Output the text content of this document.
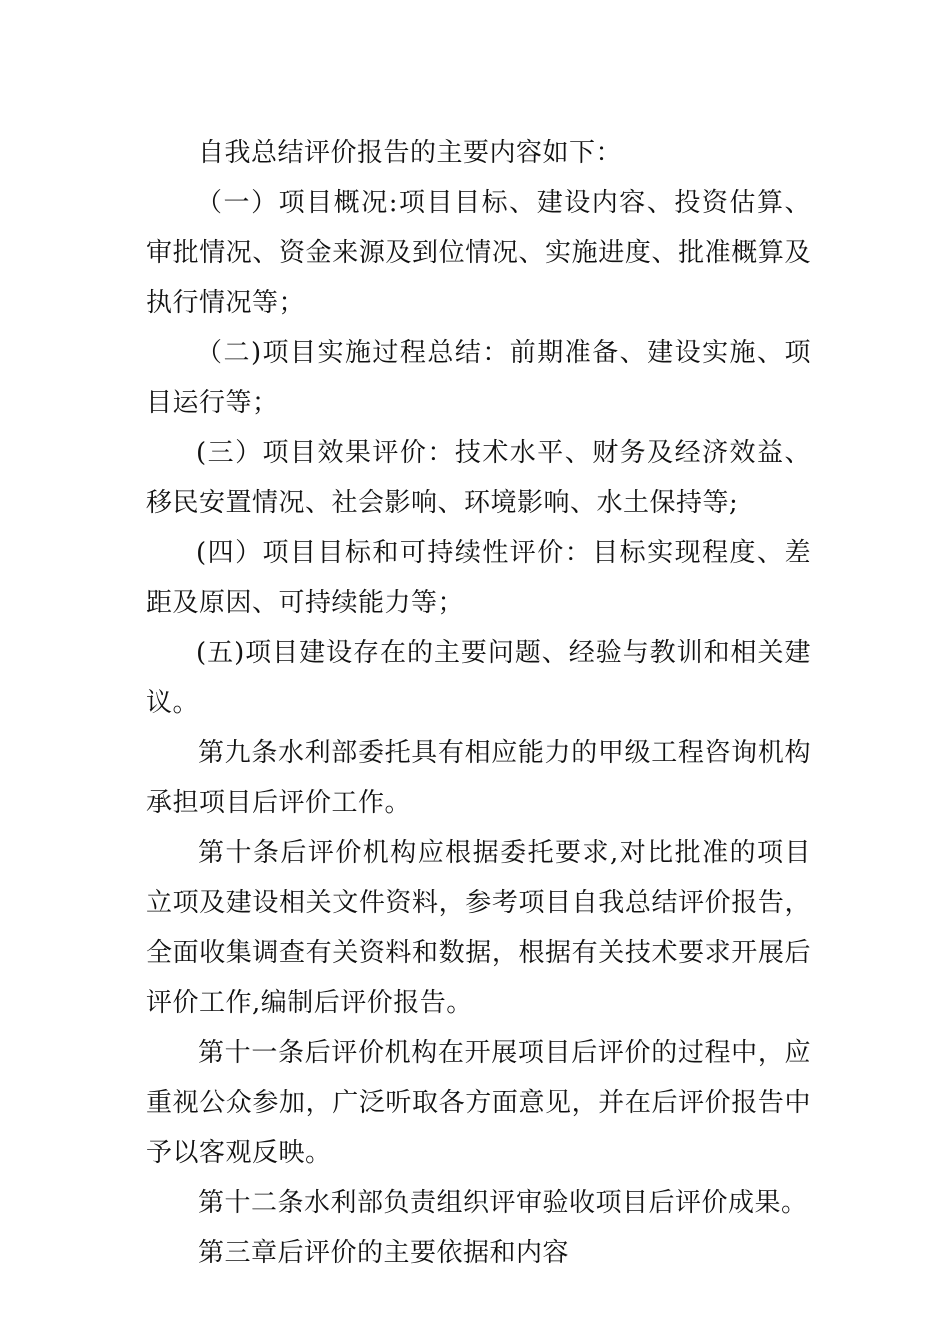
自我总结评价报告的主要内容如下：

（一）项目概况:项目目标、建设内容、投资估算、审批情况、资金来源及到位情况、实施进度、批准概算及执行情况等；

（二)项目实施过程总结：前期准备、建设实施、项目运行等；

(三）项目效果评价：技术水平、财务及经济效益、移民安置情况、社会影响、环境影响、水土保持等;

(四）项目目标和可持续性评价：目标实现程度、差距及原因、可持续能力等；

(五)项目建设存在的主要问题、经验与教训和相关建议。

第九条水利部委托具有相应能力的甲级工程咨询机构承担项目后评价工作。

第十条后评价机构应根据委托要求,对比批准的项目立项及建设相关文件资料，参考项目自我总结评价报告，全面收集调查有关资料和数据，根据有关技术要求开展后评价工作,编制后评价报告。

第十一条后评价机构在开展项目后评价的过程中，应重视公众参加，广泛听取各方面意见，并在后评价报告中予以客观反映。

第十二条水利部负责组织评审验收项目后评价成果。

第三章后评价的主要依据和内容
